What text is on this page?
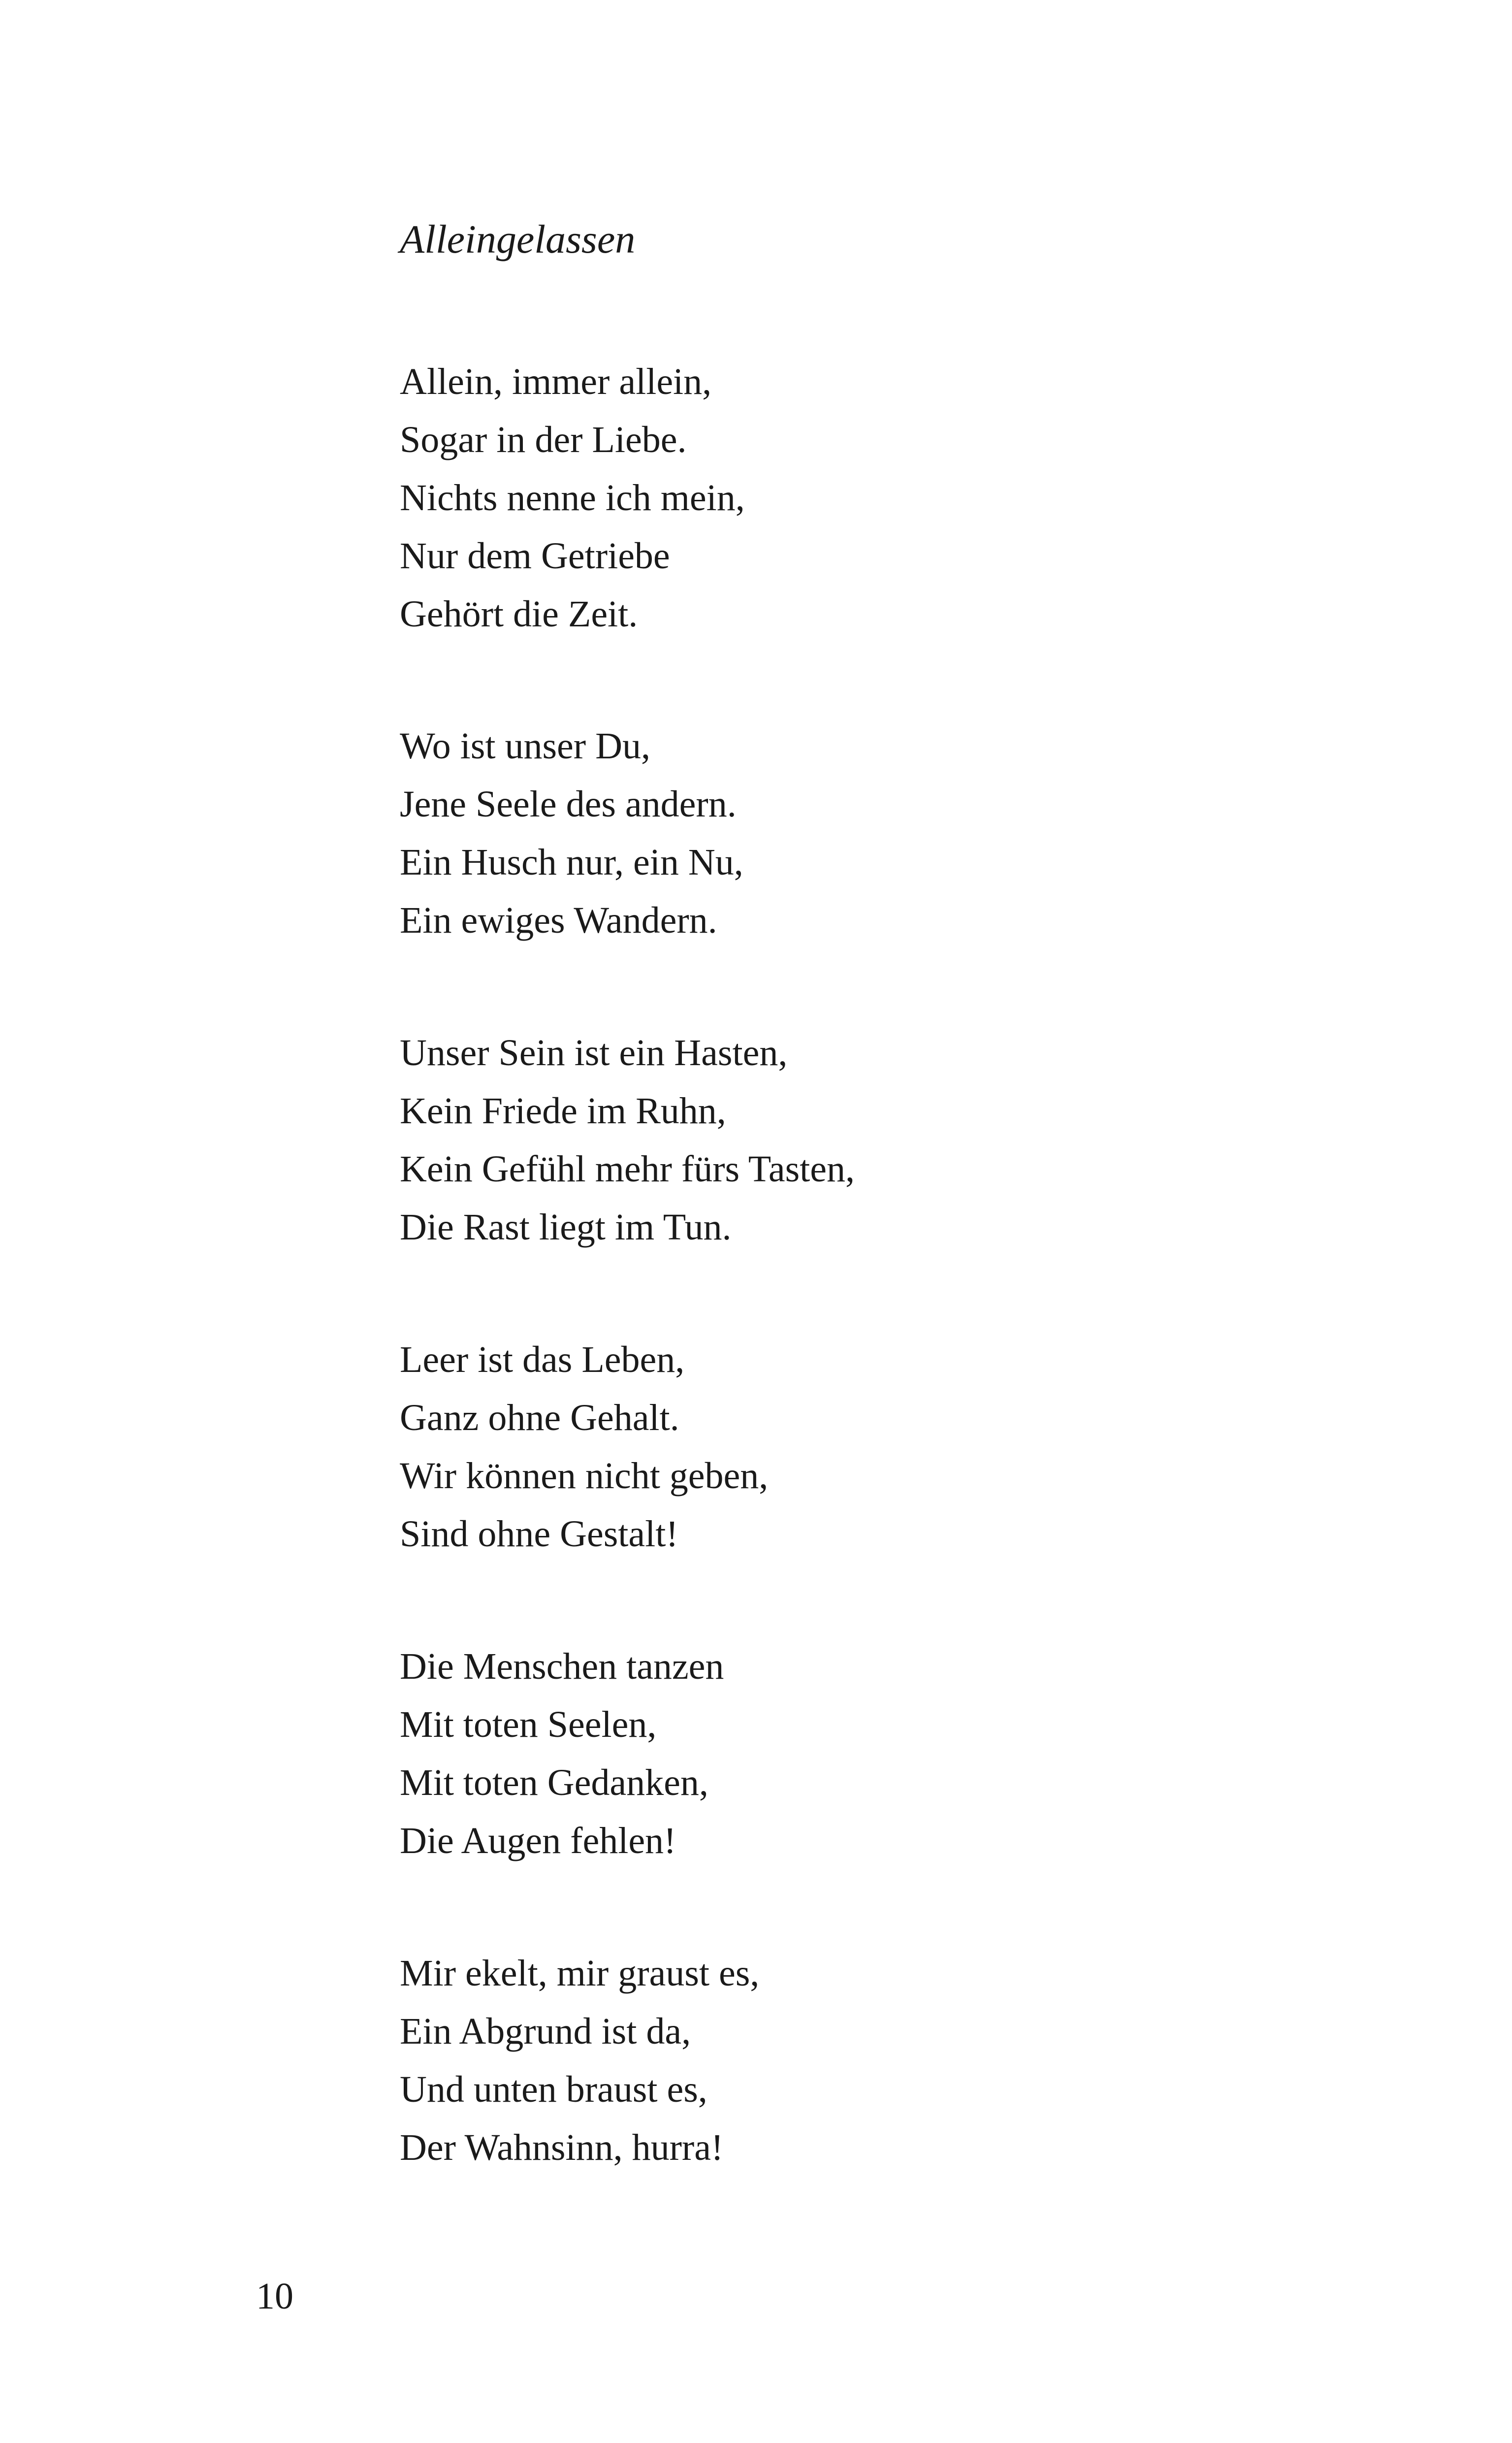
Alleingelassen
Allein, immer allein,
Sogar in der Liebe.
Nichts nenne ich mein,
Nur dem Getriebe
Gehört die Zeit.
Wo ist unser Du,
Jene Seele des andern.
Ein Husch nur, ein Nu,
Ein ewiges Wandern.
Unser Sein ist ein Hasten,
Kein Friede im Ruhn,
Kein Gefühl mehr fürs Tasten,
Die Rast liegt im Tun.
Leer ist das Leben,
Ganz ohne Gehalt.
Wir können nicht geben,
Sind ohne Gestalt!
Die Menschen tanzen
Mit toten Seelen,
Mit toten Gedanken,
Die Augen fehlen!
Mir ekelt, mir graust es,
Ein Abgrund ist da,
Und unten braust es,
Der Wahnsinn, hurra!
10
